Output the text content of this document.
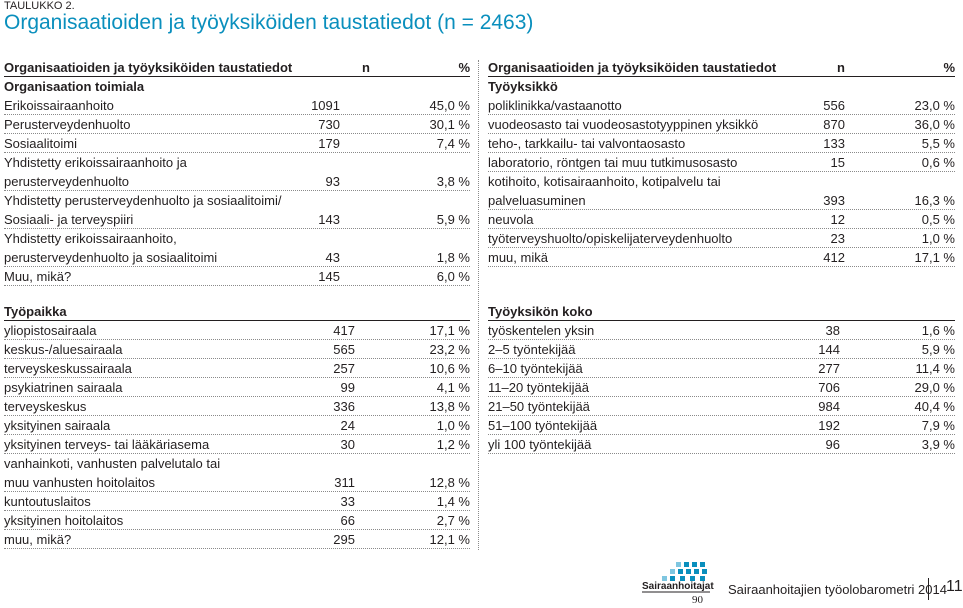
TAULUKKO 2.
Organisaatioiden ja työyksiköiden taustatiedot (n = 2463)
Organisaatioiden ja työyksiköiden taustatiedot	n	%
Organisaation toimiala
Erikoissairaanhoito	1091	45,0 %
Perusterveydenhuolto	730	30,1 %
Sosiaalitoimi	179	7,4 %
Yhdistetty erikoissairaanhoito ja
perusterveydenhuolto	93	3,8 %
Yhdistetty perusterveydenhuolto ja sosiaalitoimi/
Sosiaali- ja terveyspiiri	143	5,9 %
Yhdistetty erikoissairaanhoito,
perusterveydenhuolto ja sosiaalitoimi	43	1,8 %
Muu, mikä?	145	6,0 %
Organisaatioiden ja työyksiköiden taustatiedot	n	%
Työyksikkö
poliklinikka/vastaanotto	556	23,0 %
vuodeosasto tai vuodeosastotyyppinen yksikkö	870	36,0 %
teho-, tarkkailu- tai valvontaosasto	133	5,5 %
laboratorio, röntgen tai muu tutkimusosasto	15	0,6 %
kotihoito, kotisairaanhoito, kotipalvelu tai
palveluasuminen	393	16,3 %
neuvola	12	0,5 %
työterveyshuolto/opiskelijaterveydenhuolto	23	1,0 %
muu, mikä	412	17,1 %
Työpaikka
yliopistosairaala	417	17,1 %
keskus-/aluesairaala	565	23,2 %
terveyskeskussairaala	257	10,6 %
psykiatrinen sairaala	99	4,1 %
terveyskeskus	336	13,8 %
yksityinen sairaala	24	1,0 %
yksityinen terveys- tai lääkäriasema	30	1,2 %
vanhainkoti, vanhusten palvelutalo tai
muu vanhusten hoitolaitos	311	12,8 %
kuntoutuslaitos	33	1,4 %
yksityinen hoitolaitos	66	2,7 %
muu, mikä?	295	12,1 %
Työyksikön koko
työskentelen yksin	38	1,6 %
2–5 työntekijää	144	5,9 %
6–10 työntekijää	277	11,4 %
11–20 työntekijää	706	29,0 %
21–50 työntekijää	984	40,4 %
51–100 työntekijää	192	7,9 %
yli 100 työntekijää	96	3,9 %
Sairaanhoitajat
90
Sairaanhoitajien työolobarometri 2014 11
